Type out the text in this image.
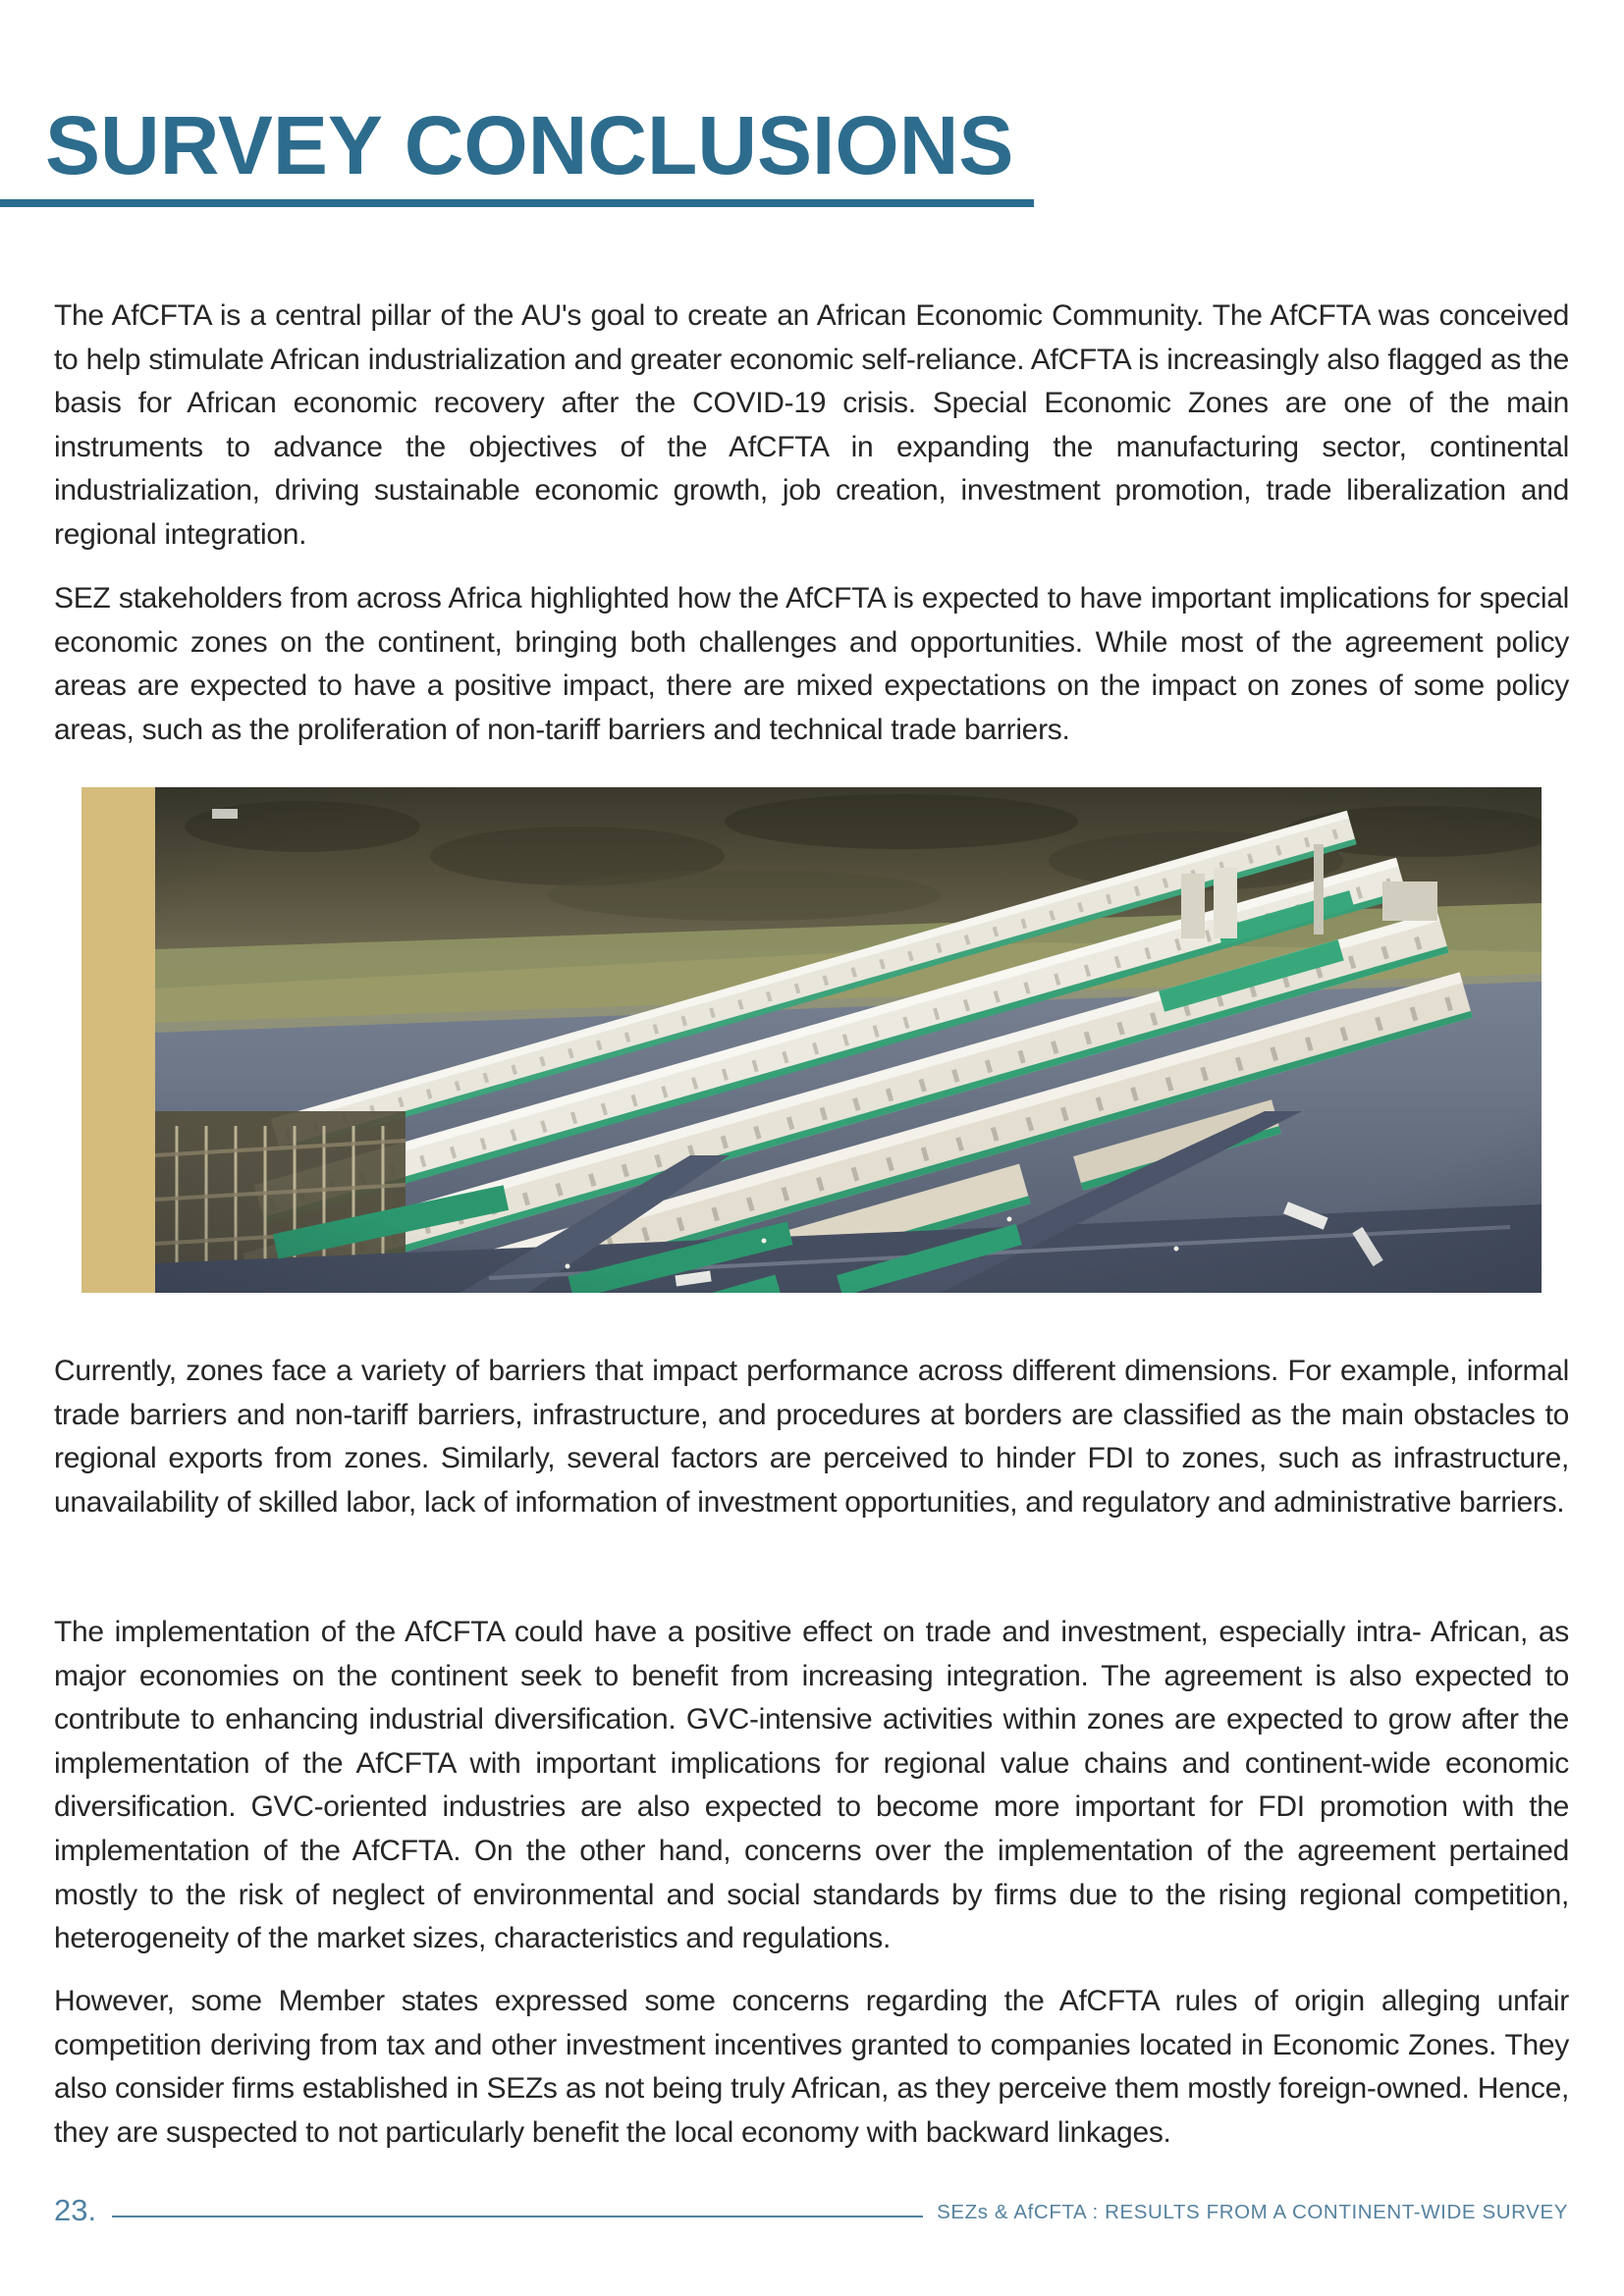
SURVEY CONCLUSIONS

The AfCFTA is a central pillar of the AU's goal to create an African Economic Community. The AfCFTA was conceived to help stimulate African industrialization and greater economic self-reliance. AfCFTA is increasingly also flagged as the basis for African economic recovery after the COVID-19 crisis. Special Economic Zones are one of the main instruments to advance the objectives of the AfCFTA in expanding the manufacturing sector, continental industrialization, driving sustainable economic growth, job creation, investment promotion, trade liberalization and regional integration.

SEZ stakeholders from across Africa highlighted how the AfCFTA is expected to have important implications for special economic zones on the continent, bringing both challenges and opportunities. While most of the agreement policy areas are expected to have a positive impact, there are mixed expectations on the impact on zones of some policy areas, such as the proliferation of non-tariff barriers and technical trade barriers.

Currently, zones face a variety of barriers that impact performance across different dimensions. For example, informal trade barriers and non-tariff barriers, infrastructure, and procedures at borders are classified as the main obstacles to regional exports from zones. Similarly, several factors are perceived to hinder FDI to zones, such as infrastructure, unavailability of skilled labor, lack of information of investment opportunities, and regulatory and administrative barriers.

The implementation of the AfCFTA could have a positive effect on trade and investment, especially intra- African, as major economies on the continent seek to benefit from increasing integration. The agreement is also expected to contribute to enhancing industrial diversification. GVC-intensive activities within zones are expected to grow after the implementation of the AfCFTA with important implications for regional value chains and continent-wide economic diversification. GVC-oriented industries are also expected to become more important for FDI promotion with the implementation of the AfCFTA. On the other hand, concerns over the implementation of the agreement pertained mostly to the risk of neglect of environmental and social standards by firms due to the rising regional competition, heterogeneity of the market sizes, characteristics and regulations.

However, some Member states expressed some concerns regarding the AfCFTA rules of origin alleging unfair competition deriving from tax and other investment incentives granted to companies located in Economic Zones. They also consider firms established in SEZs as not being truly African, as they perceive them mostly foreign-owned. Hence, they are suspected to not particularly benefit the local economy with backward linkages.

23.	SEZs & AfCFTA : RESULTS FROM A CONTINENT-WIDE SURVEY
